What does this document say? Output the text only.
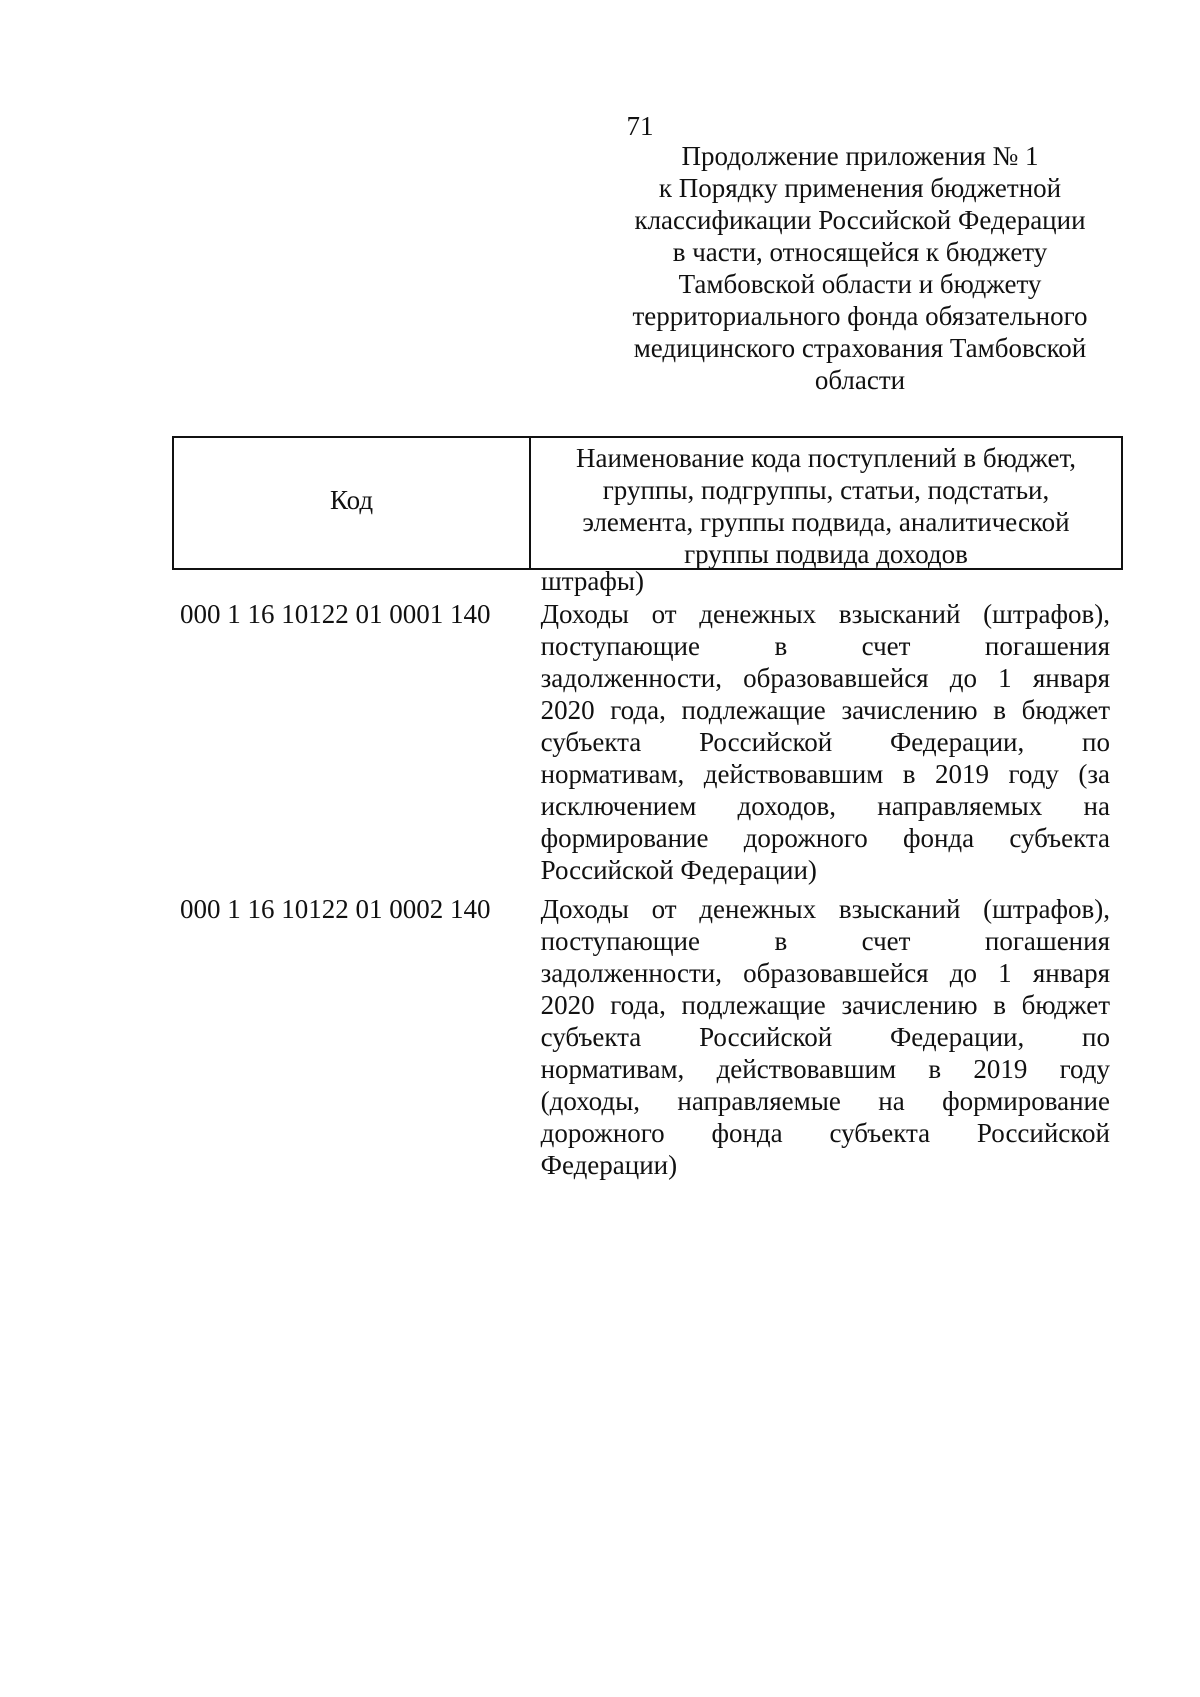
71
Продолжение приложения № 1
к Порядку применения бюджетной
классификации Российской Федерации
в части, относящейся к бюджету
Тамбовской области и бюджету
территориального фонда обязательного
медицинского страхования Тамбовской
области
Код
Наименование кода поступлений в бюджет,
группы, подгруппы, статьи, подстатьи,
элемента, группы подвида, аналитической
группы подвида доходов
штрафы)
000 1 16 10122 01 0001 140	Доходы от денежных взысканий (штрафов),
поступающие в счет погашения
задолженности, образовавшейся до 1 января
2020 года, подлежащие зачислению в бюджет
субъекта Российской Федерации, по
нормативам, действовавшим в 2019 году (за
исключением доходов, направляемых на
формирование дорожного фонда субъекта
Российской Федерации)
000 1 16 10122 01 0002 140	Доходы от денежных взысканий (штрафов),
поступающие в счет погашения
задолженности, образовавшейся до 1 января
2020 года, подлежащие зачислению в бюджет
субъекта Российской Федерации, по
нормативам, действовавшим в 2019 году
(доходы, направляемые на формирование
дорожного фонда субъекта Российской
Федерации)
